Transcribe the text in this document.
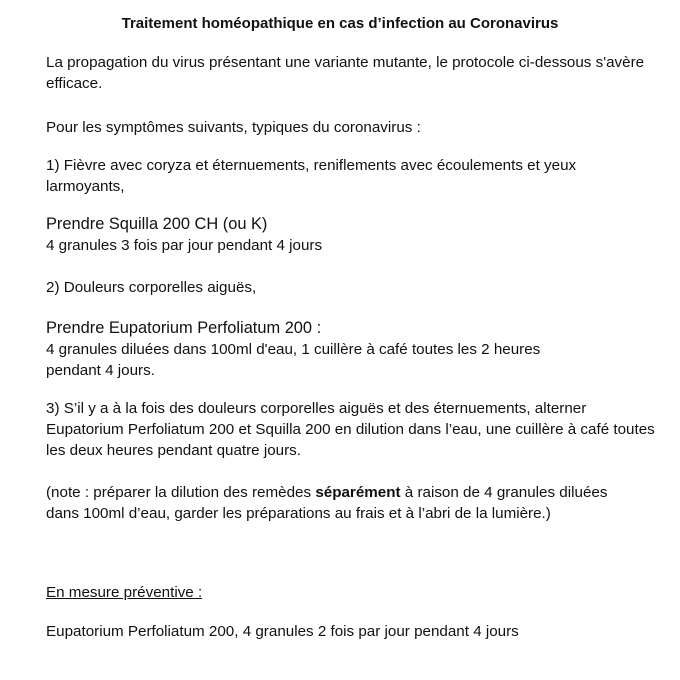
Traitement homéopathique en cas d’infection au Coronavirus

La propagation du virus présentant une variante mutante, le protocole ci-dessous s'avère efficace.

Pour les symptômes suivants, typiques du coronavirus :

1) Fièvre avec coryza et éternuements, reniflements avec écoulements et yeux larmoyants,

Prendre Squilla 200 CH (ou K)
4 granules 3 fois par jour pendant 4 jours

2) Douleurs corporelles aiguës,

Prendre Eupatorium Perfoliatum 200 :
4 granules diluées dans 100ml d'eau, 1 cuillère à café toutes les 2 heures
pendant 4 jours.

3) S’il y a à la fois des douleurs corporelles aiguës et des éternuements, alterner Eupatorium Perfoliatum 200 et Squilla 200 en dilution dans l’eau, une cuillère à café toutes les deux heures pendant quatre jours.

(note : préparer la dilution des remèdes séparément à raison de 4 granules diluées dans 100ml d’eau, garder les préparations au frais et à l’abri de la lumière.)

En mesure préventive :

Eupatorium Perfoliatum 200, 4 granules 2 fois par jour pendant 4 jours
